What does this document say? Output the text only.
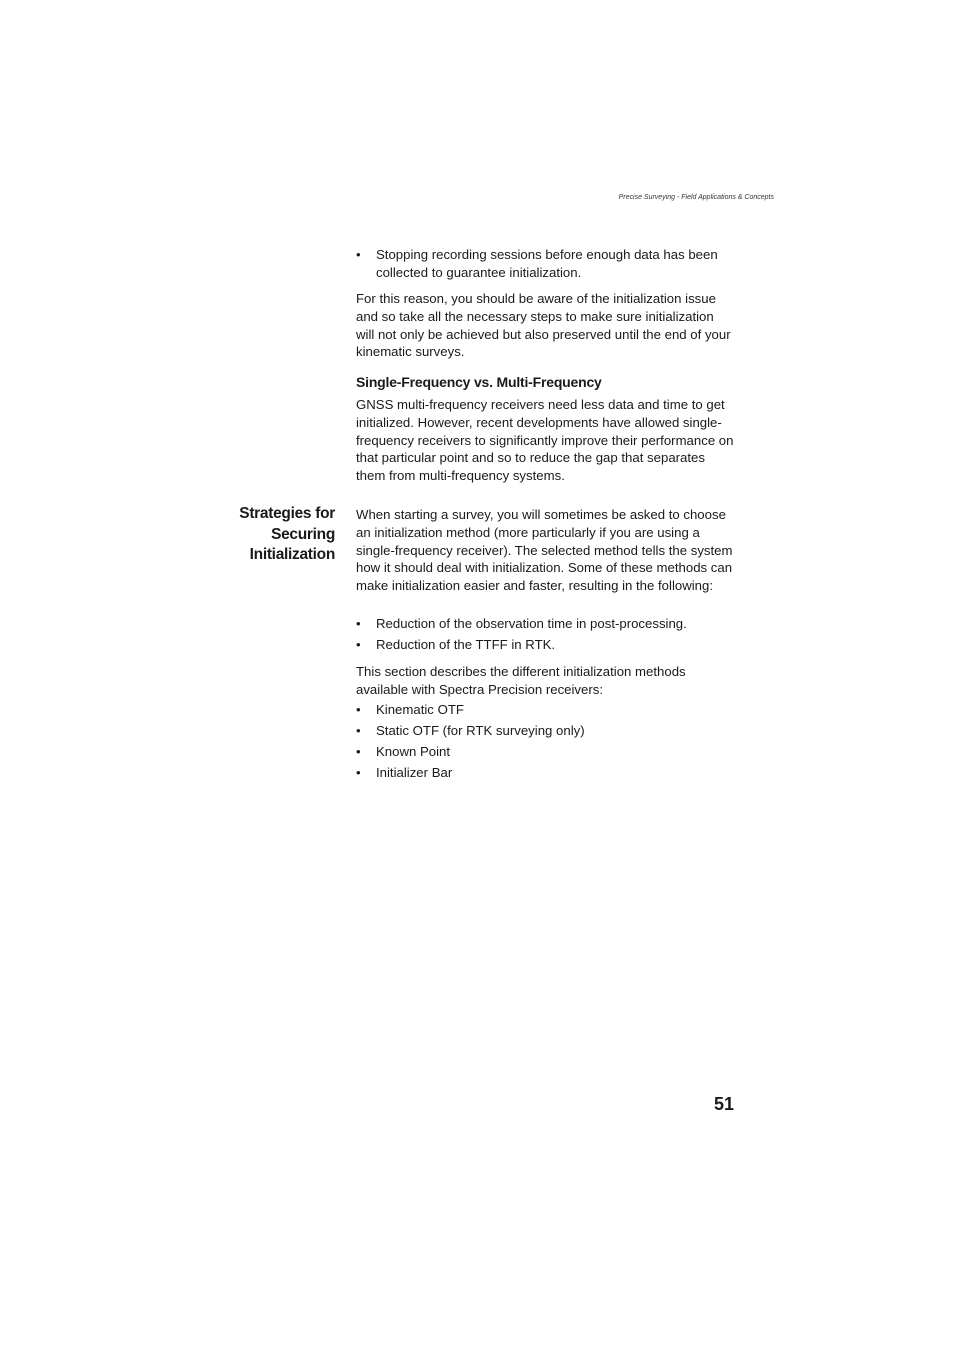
Precise Surveying - Field Applications & Concepts
• Stopping recording sessions before enough data has been collected to guarantee initialization.

For this reason, you should be aware of the initialization issue and so take all the necessary steps to make sure initialization will not only be achieved but also preserved until the end of your kinematic surveys.

Single-Frequency vs. Multi-Frequency

GNSS multi-frequency receivers need less data and time to get initialized. However, recent developments have allowed single-frequency receivers to significantly improve their performance on that particular point and so to reduce the gap that separates them from multi-frequency systems.

Strategies for
Securing
Initialization

When starting a survey, you will sometimes be asked to choose an initialization method (more particularly if you are using a single-frequency receiver). The selected method tells the system how it should deal with initialization. Some of these methods can make initialization easier and faster, resulting in the following:

• Reduction of the observation time in post-processing.
• Reduction of the TTFF in RTK.

This section describes the different initialization methods available with Spectra Precision receivers:

• Kinematic OTF
• Static OTF (for RTK surveying only)
• Known Point
• Initializer Bar
51
